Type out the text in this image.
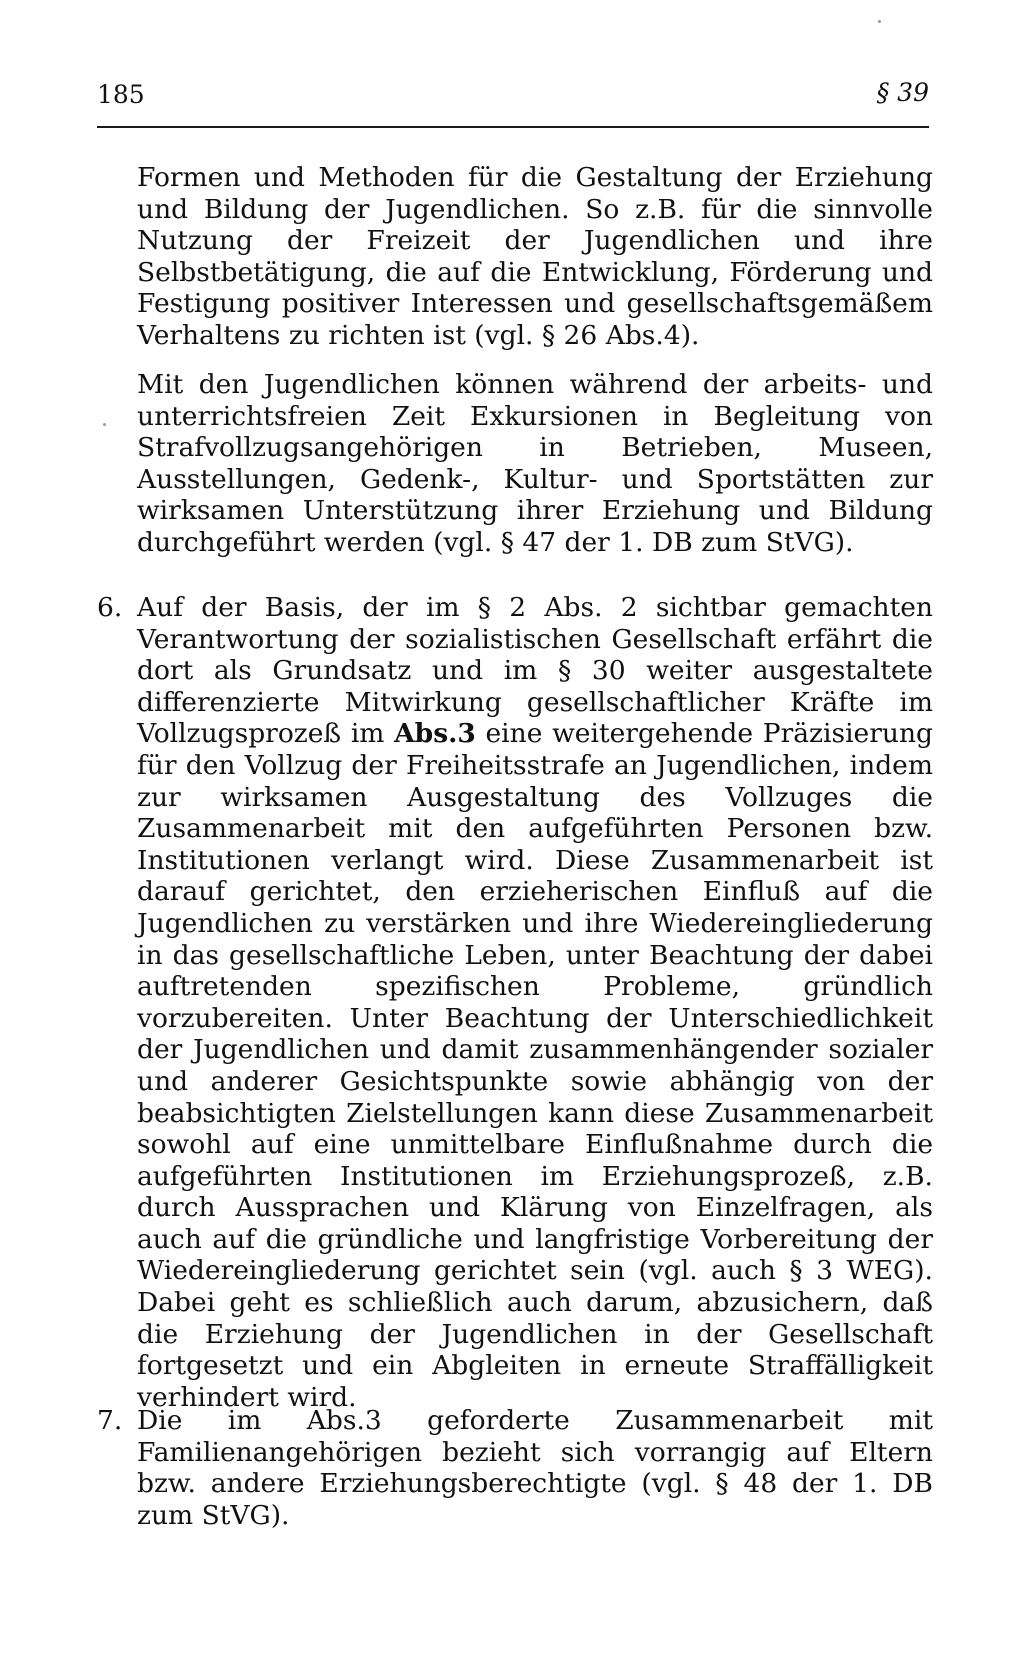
185	§ 39

Formen und Methoden für die Gestaltung der Erziehung und Bildung der Jugendlichen. So z.B. für die sinnvolle Nutzung der Freizeit der Jugendlichen und ihre Selbstbetätigung, die auf die Entwicklung, Förderung und Festigung positiver Interessen und gesellschaftsgemäßem Verhaltens zu richten ist (vgl. § 26 Abs.4).

Mit den Jugendlichen können während der arbeits- und unterrichtsfreien Zeit Exkursionen in Begleitung von Strafvollzugsangehörigen in Betrieben, Museen, Ausstellungen, Gedenk-, Kultur- und Sportstätten zur wirksamen Unterstützung ihrer Erziehung und Bildung durchgeführt werden (vgl. § 47 der 1. DB zum StVG).

6. Auf der Basis, der im § 2 Abs. 2 sichtbar gemachten Verantwortung der sozialistischen Gesellschaft erfährt die dort als Grundsatz und im § 30 weiter ausgestaltete differenzierte Mitwirkung gesellschaftlicher Kräfte im Vollzugsprozeß im Abs.3 eine weitergehende Präzisierung für den Vollzug der Freiheitsstrafe an Jugendlichen, indem zur wirksamen Ausgestaltung des Vollzuges die Zusammenarbeit mit den aufgeführten Personen bzw. Institutionen verlangt wird. Diese Zusammenarbeit ist darauf gerichtet, den erzieherischen Einfluß auf die Jugendlichen zu verstärken und ihre Wiedereingliederung in das gesellschaftliche Leben, unter Beachtung der dabei auftretenden spezifischen Probleme, gründlich vorzubereiten. Unter Beachtung der Unterschiedlichkeit der Jugendlichen und damit zusammenhängender sozialer und anderer Gesichtspunkte sowie abhängig von der beabsichtigten Zielstellungen kann diese Zusammenarbeit sowohl auf eine unmittelbare Einflußnahme durch die aufgeführten Institutionen im Erziehungsprozeß, z.B. durch Aussprachen und Klärung von Einzelfragen, als auch auf die gründliche und langfristige Vorbereitung der Wiedereingliederung gerichtet sein (vgl. auch § 3 WEG). Dabei geht es schließlich auch darum, abzusichern, daß die Erziehung der Jugendlichen in der Gesellschaft fortgesetzt und ein Abgleiten in erneute Straffälligkeit verhindert wird.

7. Die im Abs.3 geforderte Zusammenarbeit mit Familienangehörigen bezieht sich vorrangig auf Eltern bzw. andere Erziehungsberechtigte (vgl. § 48 der 1. DB zum StVG).
